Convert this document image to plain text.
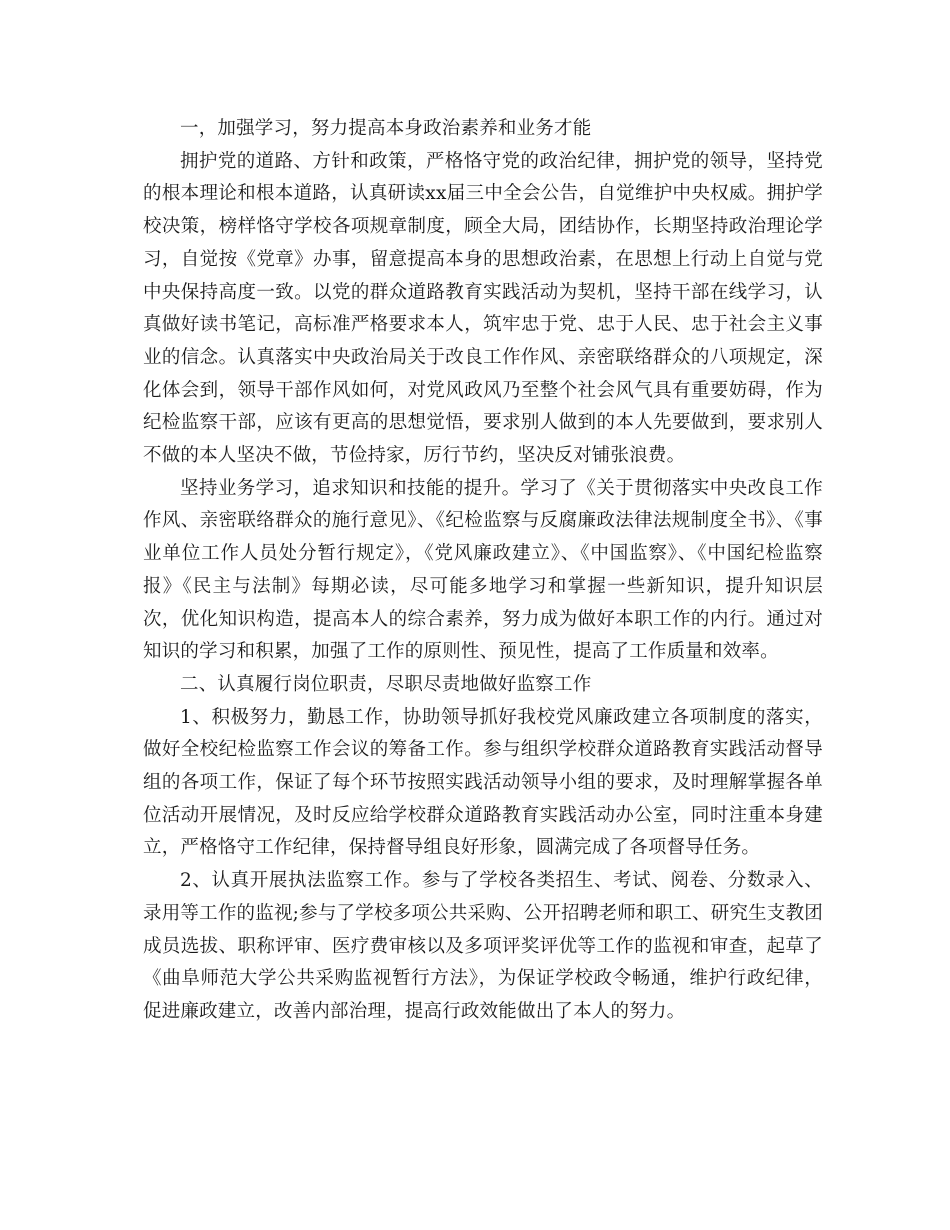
一，加强学习，努力提高本身政治素养和业务才能

拥护党的道路、方针和政策，严格恪守党的政治纪律，拥护党的领导，坚持党的根本理论和根本道路，认真研读xx届三中全会公告，自觉维护中央权威。拥护学校决策，榜样恪守学校各项规章制度，顾全大局，团结协作，长期坚持政治理论学习，自觉按《党章》办事，留意提高本身的思想政治素，在思想上行动上自觉与党中央保持高度一致。以党的群众道路教育实践活动为契机，坚持干部在线学习，认真做好读书笔记，高标准严格要求本人，筑牢忠于党、忠于人民、忠于社会主义事业的信念。认真落实中央政治局关于改良工作作风、亲密联络群众的八项规定，深化体会到，领导干部作风如何，对党风政风乃至整个社会风气具有重要妨碍，作为纪检监察干部，应该有更高的思想觉悟，要求别人做到的本人先要做到，要求别人不做的本人坚决不做，节俭持家，厉行节约，坚决反对铺张浪费。

坚持业务学习，追求知识和技能的提升。学习了《关于贯彻落实中央改良工作作风、亲密联络群众的施行意见》、《纪检监察与反腐廉政法律法规制度全书》、《事业单位工作人员处分暂行规定》，《党风廉政建立》、《中国监察》、《中国纪检监察报》《民主与法制》每期必读，尽可能多地学习和掌握一些新知识，提升知识层次，优化知识构造，提高本人的综合素养，努力成为做好本职工作的内行。通过对知识的学习和积累，加强了工作的原则性、预见性，提高了工作质量和效率。

二、认真履行岗位职责，尽职尽责地做好监察工作

1、积极努力，勤恳工作，协助领导抓好我校党风廉政建立各项制度的落实，做好全校纪检监察工作会议的筹备工作。参与组织学校群众道路教育实践活动督导组的各项工作，保证了每个环节按照实践活动领导小组的要求，及时理解掌握各单位活动开展情况，及时反应给学校群众道路教育实践活动办公室，同时注重本身建立，严格恪守工作纪律，保持督导组良好形象，圆满完成了各项督导任务。

2、认真开展执法监察工作。参与了学校各类招生、考试、阅卷、分数录入、录用等工作的监视;参与了学校多项公共采购、公开招聘老师和职工、研究生支教团成员选拔、职称评审、医疗费审核以及多项评奖评优等工作的监视和审查，起草了《曲阜师范大学公共采购监视暂行方法》，为保证学校政令畅通，维护行政纪律，促进廉政建立，改善内部治理，提高行政效能做出了本人的努力。
